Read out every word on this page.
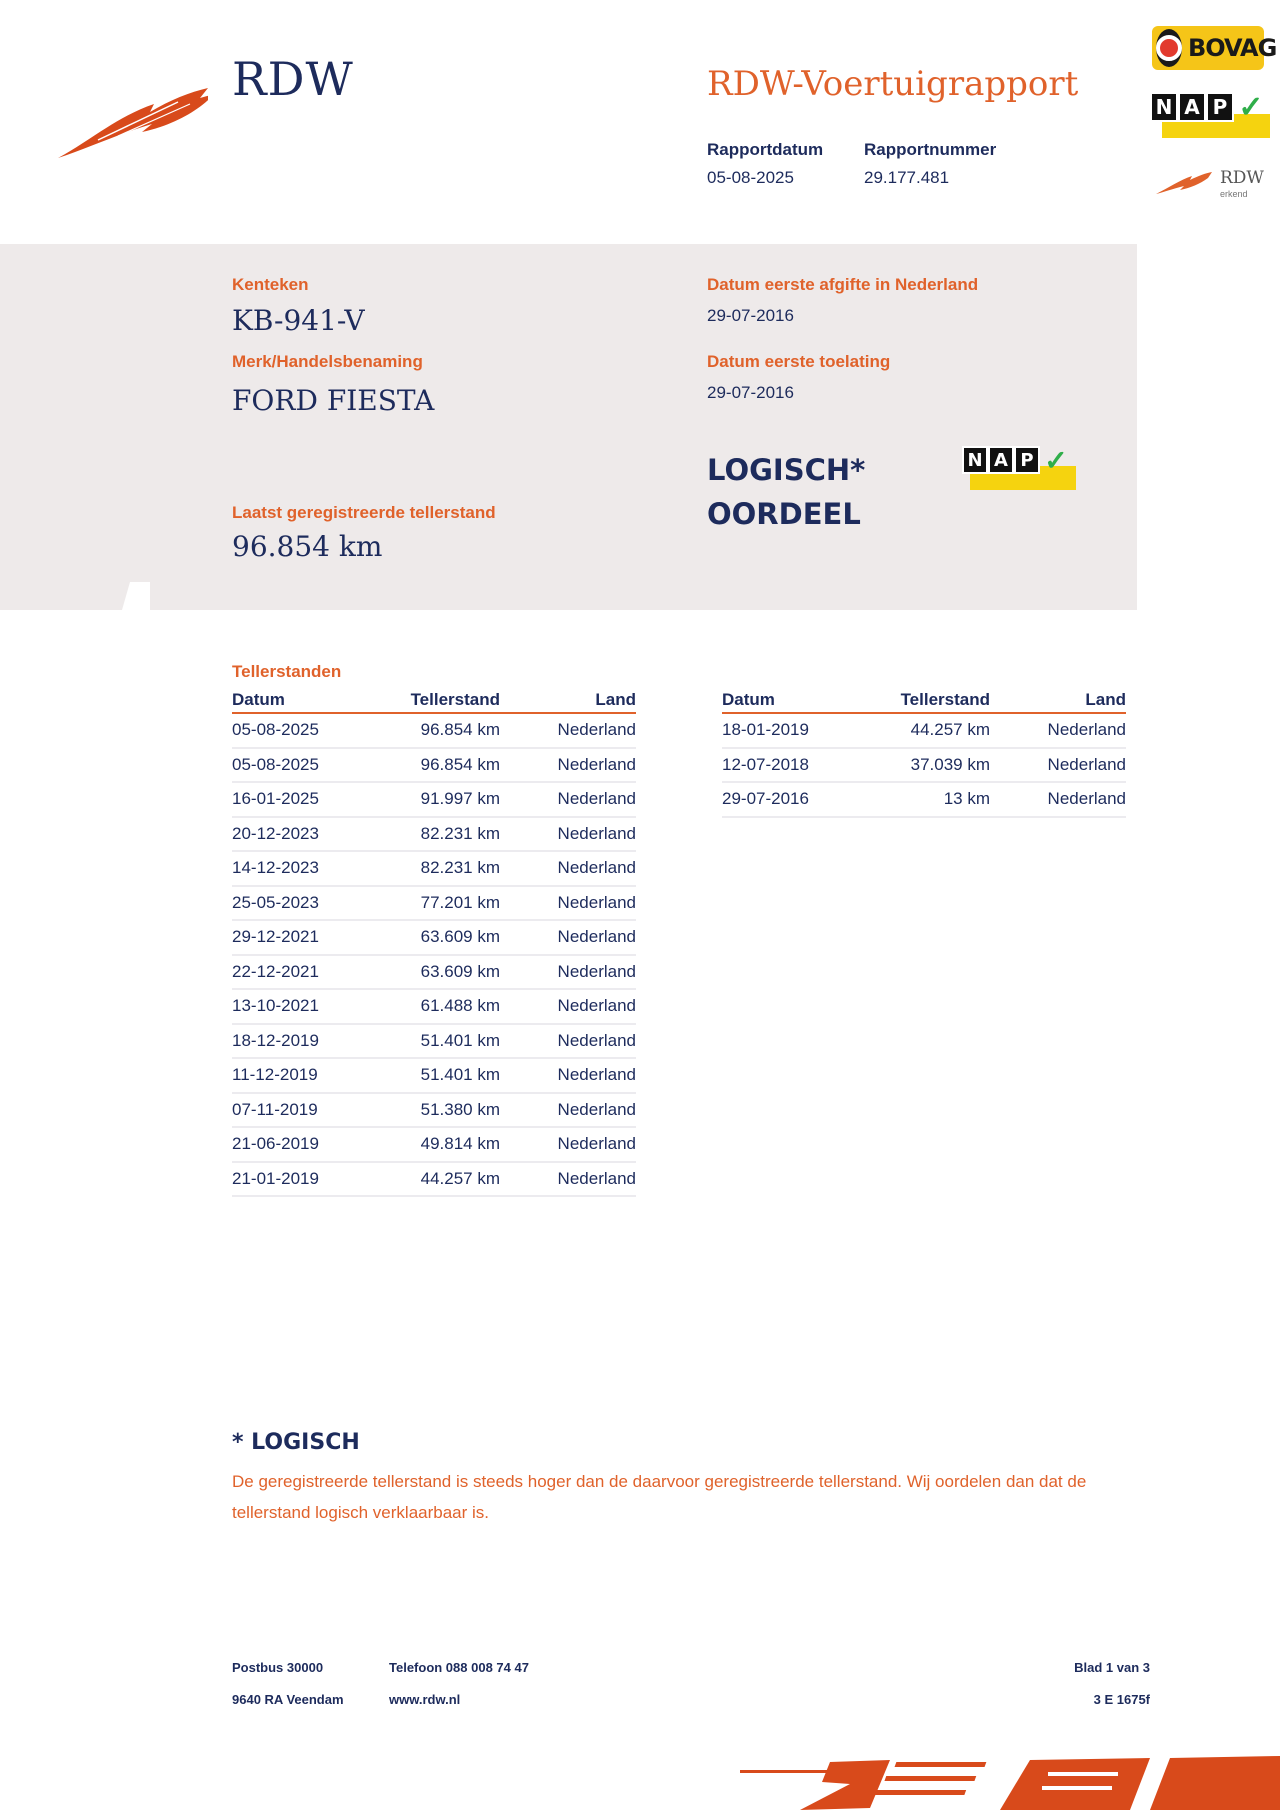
RDW	RDW-Voertuigrapport
Rapportdatum
05-08-2025
Rapportnummer
29.177.481
BOVAG
N A P ✓
RDW
erkend
Kenteken
KB-941-V
Merk/Handelsbenaming
FORD FIESTA
Laatst geregistreerde tellerstand
96.854 km
Datum eerste afgifte in Nederland
29-07-2016
Datum eerste toelating
29-07-2016
LOGISCH*
OORDEEL
N A P ✓
Tellerstanden
Datum	Tellerstand	Land
05-08-2025	96.854 km	Nederland
05-08-2025	96.854 km	Nederland
16-01-2025	91.997 km	Nederland
20-12-2023	82.231 km	Nederland
14-12-2023	82.231 km	Nederland
25-05-2023	77.201 km	Nederland
29-12-2021	63.609 km	Nederland
22-12-2021	63.609 km	Nederland
13-10-2021	61.488 km	Nederland
18-12-2019	51.401 km	Nederland
11-12-2019	51.401 km	Nederland
07-11-2019	51.380 km	Nederland
21-06-2019	49.814 km	Nederland
21-01-2019	44.257 km	Nederland
Datum	Tellerstand	Land
18-01-2019	44.257 km	Nederland
12-07-2018	37.039 km	Nederland
29-07-2016	13 km	Nederland
* LOGISCH
De geregistreerde tellerstand is steeds hoger dan de daarvoor geregistreerde tellerstand. Wij oordelen dan dat de tellerstand logisch verklaarbaar is.
Postbus 30000
9640 RA Veendam
Telefoon 088 008 74 47
www.rdw.nl
Blad 1 van 3
3 E 1675f
